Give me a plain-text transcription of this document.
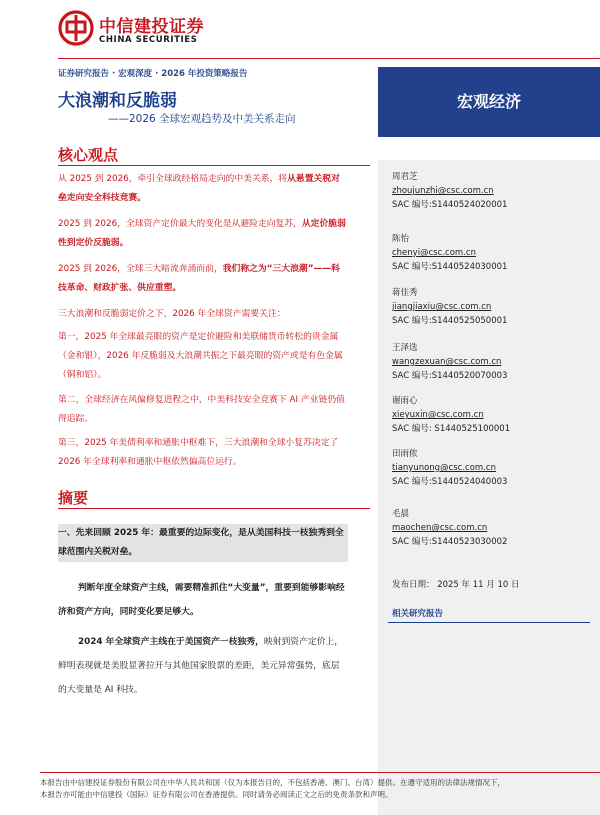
中信建投证券
CHINA SECURITIES
证券研究报告 · 宏观深度 · 2026 年投资策略报告
大浪潮和反脆弱
——2026 全球宏观趋势及中美关系走向
宏观经济
核心观点
从 2025 到 2026，牵引全球政经格局走向的中美关系，将从悬置关税对垒走向安全科技竞赛。
2025 到 2026，全球资产定价最大的变化是从避险走向复苏，从定价脆弱性到定价反脆弱。
2025 到 2026，全球三大暗流奔涌而前，我们称之为“三大浪潮”——科技革命、财政扩张、供应重塑。
三大浪潮和反脆弱定价之下，2026 年全球资产需要关注：
第一，2025 年全球最亮眼的资产是定价避险和美联储货币转松的贵金属（金和银），2026 年反脆弱及大浪潮共振之下最亮眼的资产或是有色金属（铜和铝）。
第二，全球经济在风偏修复进程之中，中美科技安全竞赛下 AI 产业链仍值得追踪。
第三，2025 年美债利率和通胀中枢难下，三大浪潮和全球小复苏决定了 2026 年全球利率和通胀中枢依然偏高位运行。
摘要
一、先来回顾 2025 年：最重要的边际变化，是从美国科技一枝独秀到全球范围内关税对垒。
判断年度全球资产主线，需要精准抓住“大变量”，重要到能够影响经济和资产方向，同时变化要足够大。
2024 年全球资产主线在于美国资产一枝独秀，映射到资产定价上，鲜明表现就是美股显著拉开与其他国家股票的差距，美元异常强势，底层的大变量是 AI 科技。
周君芝
zhoujunzhi@csc.com.cn
SAC 编号:S1440524020001
陈怡
chenyi@csc.com.cn
SAC 编号:S1440524030001
蒋佳秀
jiangjiaxiu@csc.com.cn
SAC 编号:S1440525050001
王泽选
wangzexuan@csc.com.cn
SAC 编号:S1440520070003
谢雨心
xieyuxin@csc.com.cn
SAC 编号: S1440525100001
田雨侬
tianyunong@csc.com.cn
SAC 编号:S1440524040003
毛晨
maochen@csc.com.cn
SAC 编号:S1440523030002
发布日期： 2025 年 11 月 10 日
相关研究报告
本报告由中信建投证券股份有限公司在中华人民共和国（仅为本报告目的，不包括香港、澳门、台湾）提供。在遵守适用的法律法规情况下，
本报告亦可能由中信建投（国际）证券有限公司在香港提供。同时请务必阅读正文之后的免责条款和声明。
